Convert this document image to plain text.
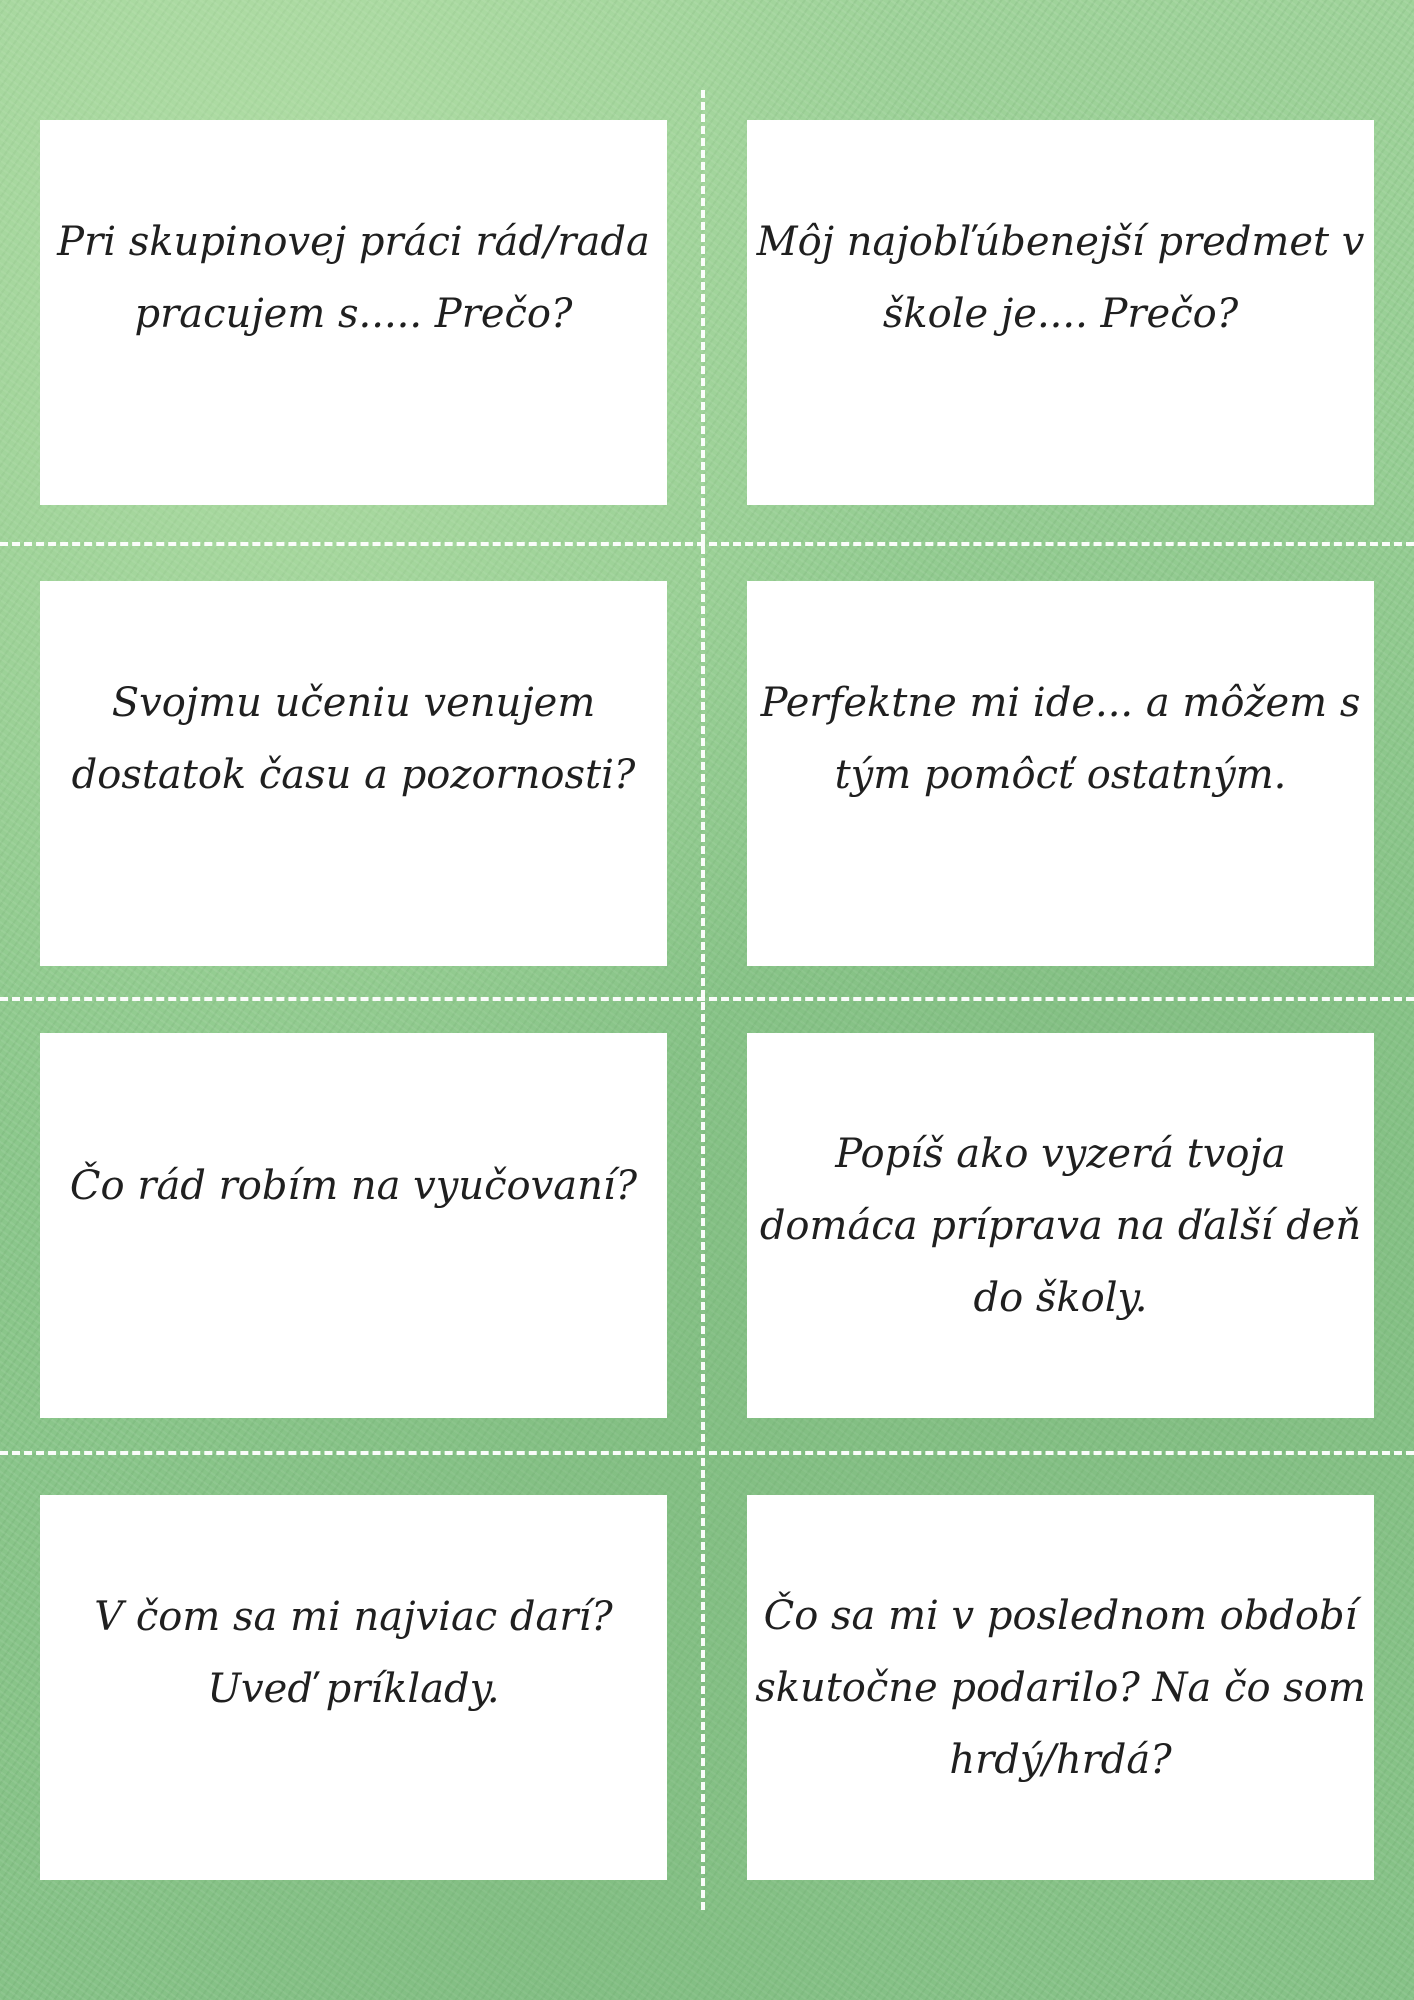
Pri skupinovej práci rád/rada pracujem s..... Prečo?

Môj najobľúbenejší predmet v škole je.... Prečo?

Svojmu učeniu venujem dostatok času a pozornosti?

Perfektne mi ide... a môžem s tým pomôcť ostatným.

Čo rád robím na vyučovaní?

Popíš ako vyzerá tvoja domáca príprava na ďalší deň do školy.

V čom sa mi najviac darí? Uveď príklady.

Čo sa mi v poslednom období skutočne podarilo? Na čo som hrdý/hrdá?
